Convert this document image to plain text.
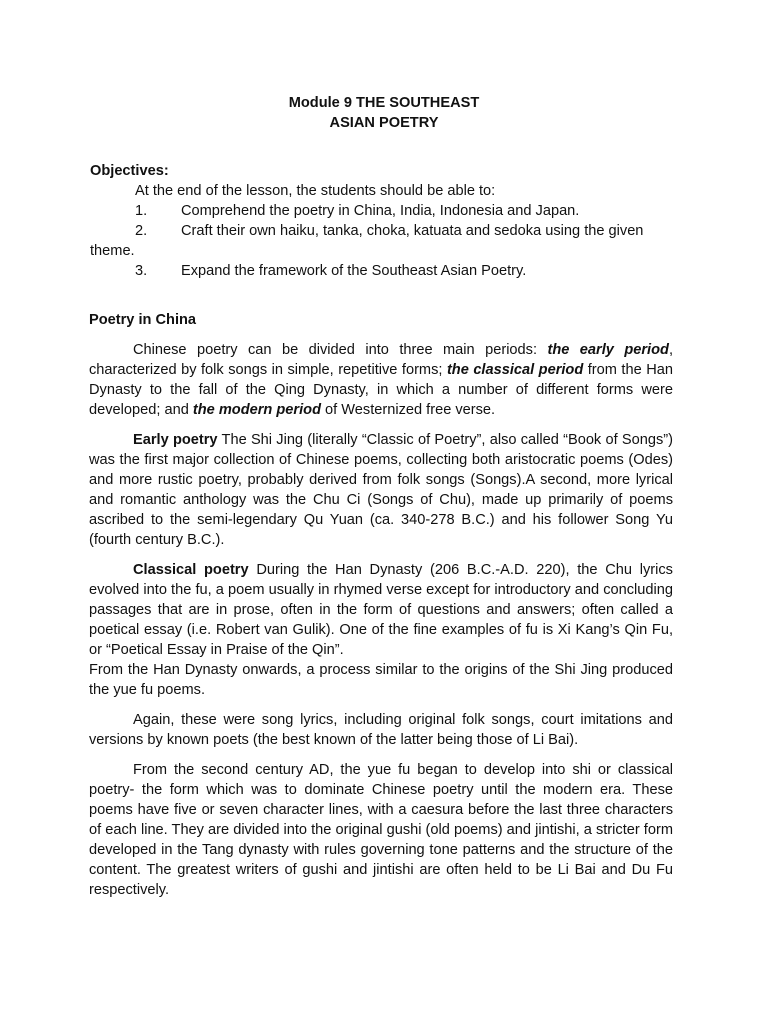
Module 9 THE SOUTHEAST
ASIAN POETRY

Objectives:

At the end of the lesson, the students should be able to:

1. Comprehend the poetry in China, India, Indonesia and Japan.
2. Craft their own haiku, tanka, choka, katuata and sedoka using the given
theme.
3. Expand the framework of the Southeast Asian Poetry.

Poetry in China

Chinese poetry can be divided into three main periods: the early period, characterized by folk songs in simple, repetitive forms; the classical period from the Han Dynasty to the fall of the Qing Dynasty, in which a number of different forms were developed; and the modern period of Westernized free verse.

Early poetry The Shi Jing (literally “Classic of Poetry”, also called “Book of Songs”) was the first major collection of Chinese poems, collecting both aristocratic poems (Odes) and more rustic poetry, probably derived from folk songs (Songs).A second, more lyrical and romantic anthology was the Chu Ci (Songs of Chu), made up primarily of poems ascribed to the semi-legendary Qu Yuan (ca. 340-278 B.C.) and his follower Song Yu (fourth century B.C.).

Classical poetry During the Han Dynasty (206 B.C.-A.D. 220), the Chu lyrics evolved into the fu, a poem usually in rhymed verse except for introductory and concluding passages that are in prose, often in the form of questions and answers; often called a poetical essay (i.e. Robert van Gulik). One of the fine examples of fu is Xi Kang’s Qin Fu, or “Poetical Essay in Praise of the Qin”.

From the Han Dynasty onwards, a process similar to the origins of the Shi Jing produced the yue fu poems.

Again, these were song lyrics, including original folk songs, court imitations and versions by known poets (the best known of the latter being those of Li Bai).

From the second century AD, the yue fu began to develop into shi or classical poetry- the form which was to dominate Chinese poetry until the modern era. These poems have five or seven character lines, with a caesura before the last three characters of each line. They are divided into the original gushi (old poems) and jintishi, a stricter form developed in the Tang dynasty with rules governing tone patterns and the structure of the content. The greatest writers of gushi and jintishi are often held to be Li Bai and Du Fu respectively.
